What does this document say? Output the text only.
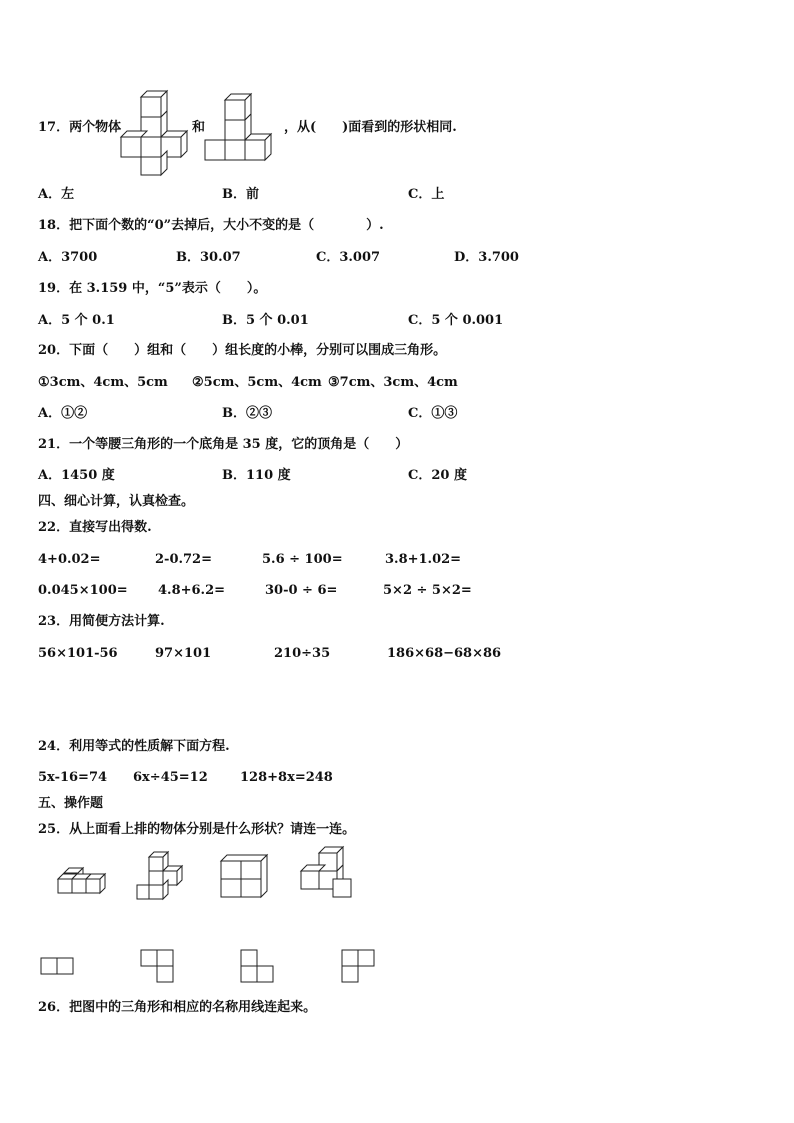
17．两个物体	和	，从(　　)面看到的形状相同.
A．左	B．前	C．上
18．把下面个数的“0”去掉后，大小不变的是（　　　　）.
A．3700	B．30.07	C．3.007	D．3.700
19．在 3.159 中，“5”表示（　　）。
A．5 个 0.1	B．5 个 0.01	C．5 个 0.001
20．下面（　　）组和（　　）组长度的小棒，分别可以围成三角形。
①3cm、4cm、5cm ②5cm、5cm、4cm ③7cm、3cm、4cm
A．①②	B．②③	C．①③
21．一个等腰三角形的一个底角是 35 度，它的顶角是（　　）
A．1450 度	B．110 度	C．20 度
四、细心计算，认真检查。
22．直接写出得数.
4+0.02=	2-0.72=	5.6 ÷ 100=	3.8+1.02=
0.045×100= 4.8+6.2=	30-0 ÷ 6=	5×2 ÷ 5×2=
23．用简便方法计算.
56×101-56	97×101	210÷35	186×68−68×86
24．利用等式的性质解下面方程.
5x-16=74 6x÷45=12 128+8x=248
五、操作题
25．从上面看上排的物体分别是什么形状？请连一连。
26．把图中的三角形和相应的名称用线连起来。
